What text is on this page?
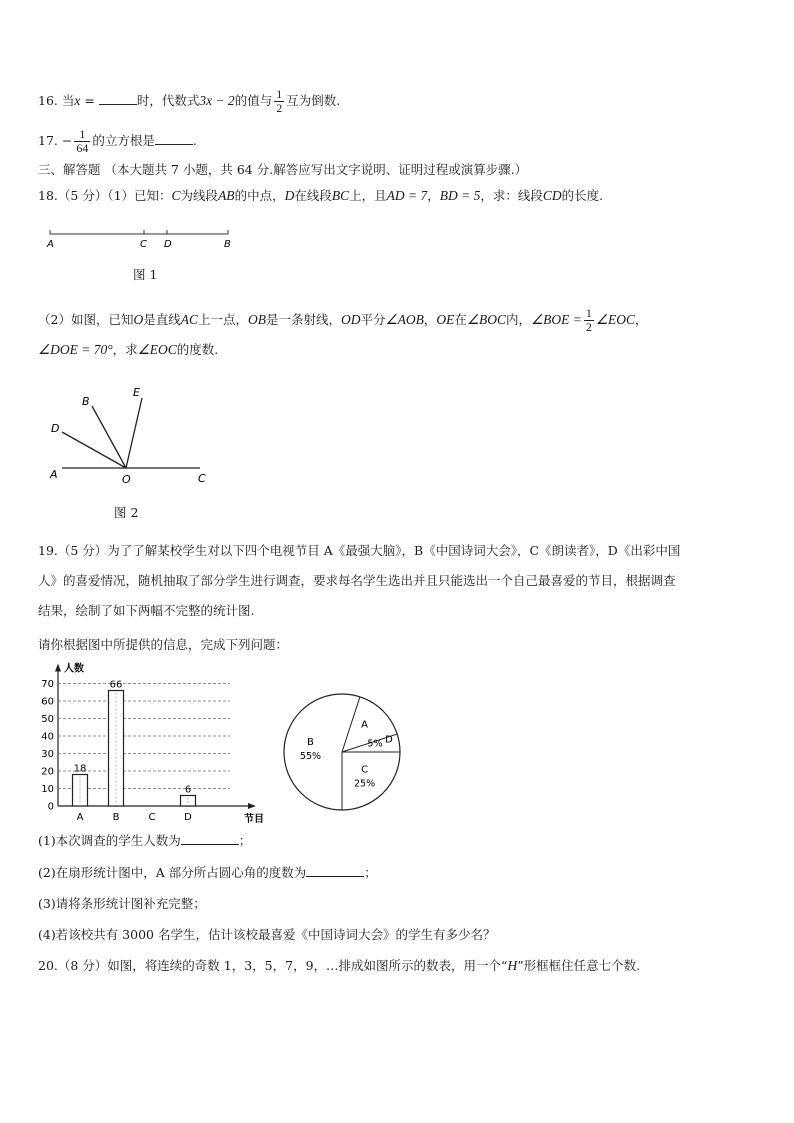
16. 当x =	时，代数式3x − 2的值与 $\frac{1}{2}$ 互为倒数.
17. − $\frac{1}{64}$ 的立方根是	.
三、解答题 （本大题共 7 小题，共 64 分.解答应写出文字说明、证明过程或演算步骤.）
18.（5 分）（1）已知：C为线段AB的中点，D在线段BC上，且AD = 7，BD = 5，求：线段CD的长度.
A	C D	B
图 1
（2）如图，已知O是直线AC上一点，OB是一条射线，OD平分∠AOB，OE在∠BOC内，∠BOE = $\frac{1}{2}$ ∠EOC，
∠DOE = 70°，求∠EOC的度数.
A	O	C
D
B
E
图 2
19.（5 分）为了了解某校学生对以下四个电视节目 A《最强大脑》，B《中国诗词大会》，C《朗读者》，D《出彩中国
人》的喜爱情况，随机抽取了部分学生进行调查，要求每名学生选出并且只能选出一个自己最喜爱的节目，根据调查
结果，绘制了如下两幅不完整的统计图.
请你根据图中所提供的信息，完成下列问题：
人数
节目
0
10
20
30
40
50
60
70
A
18
B
66
C	D
6
A
B
55%
C
25%
D
5%
(1)本次调查的学生人数为	；
(2)在扇形统计图中，A 部分所占圆心角的度数为	；
(3)请将条形统计图补充完整；
(4)若该校共有 3000 名学生，估计该校最喜爱《中国诗词大会》的学生有多少名？
20.（8 分）如图，将连续的奇数 1，3，5，7，9，…排成如图所示的数表，用一个“H”形框框住任意七个数.
